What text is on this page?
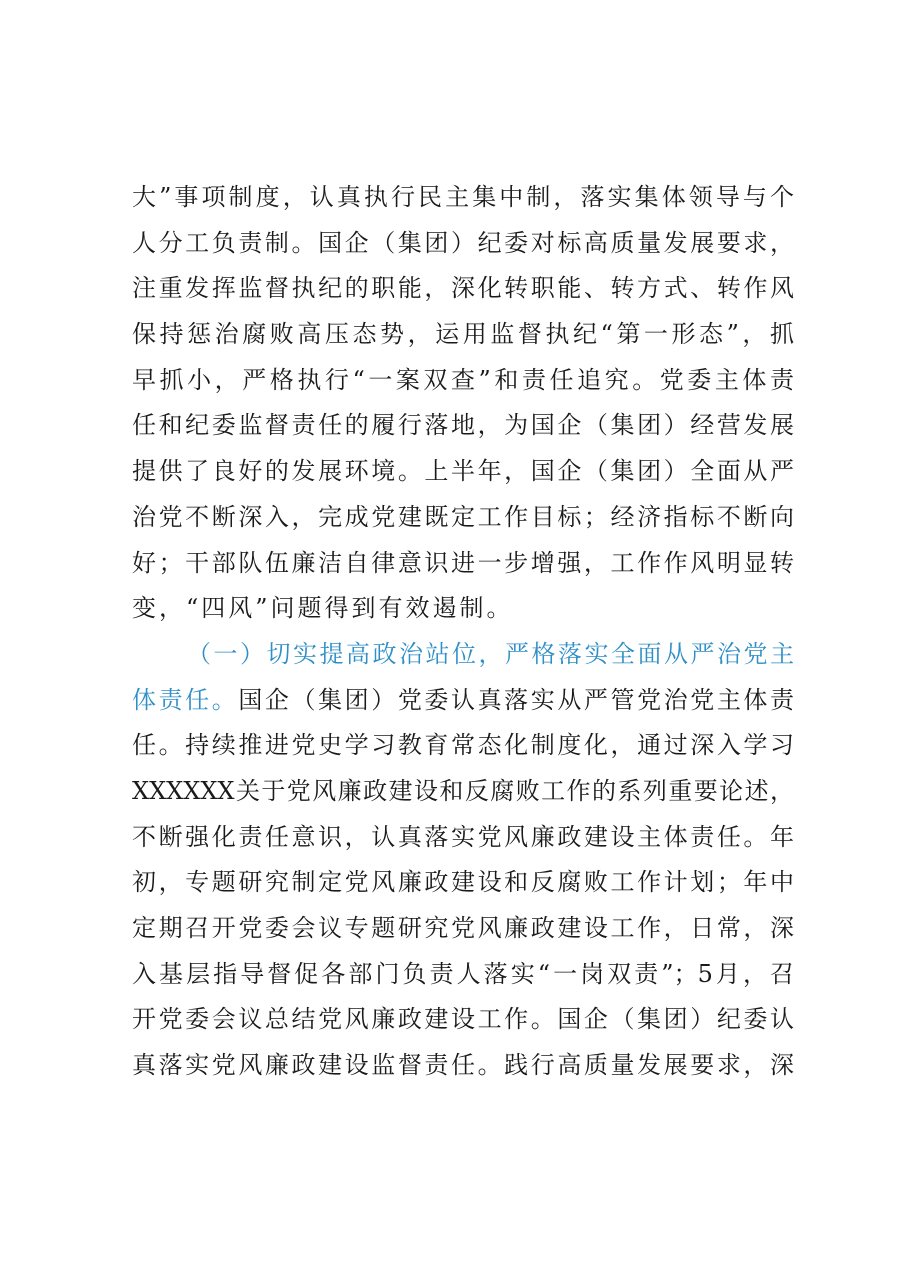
大”事项制度，认真执行民主集中制，落实集体领导与个
人分工负责制。国企（集团）纪委对标高质量发展要求，
注重发挥监督执纪的职能，深化转职能、转方式、转作风
保持惩治腐败高压态势，运用监督执纪“第一形态”，抓
早抓小，严格执行“一案双查”和责任追究。党委主体责
任和纪委监督责任的履行落地，为国企（集团）经营发展
提供了良好的发展环境。上半年，国企（集团）全面从严
治党不断深入，完成党建既定工作目标；经济指标不断向
好；干部队伍廉洁自律意识进一步增强，工作作风明显转
变，“四风”问题得到有效遏制。
（一）切实提高政治站位，严格落实全面从严治党主
体责任。国企（集团）党委认真落实从严管党治党主体责
任。持续推进党史学习教育常态化制度化，通过深入学习
XXXXXX关于党风廉政建设和反腐败工作的系列重要论述，
不断强化责任意识，认真落实党风廉政建设主体责任。年
初，专题研究制定党风廉政建设和反腐败工作计划；年中
定期召开党委会议专题研究党风廉政建设工作，日常，深
入基层指导督促各部门负责人落实“一岗双责”；5月，召
开党委会议总结党风廉政建设工作。国企（集团）纪委认
真落实党风廉政建设监督责任。践行高质量发展要求，深
